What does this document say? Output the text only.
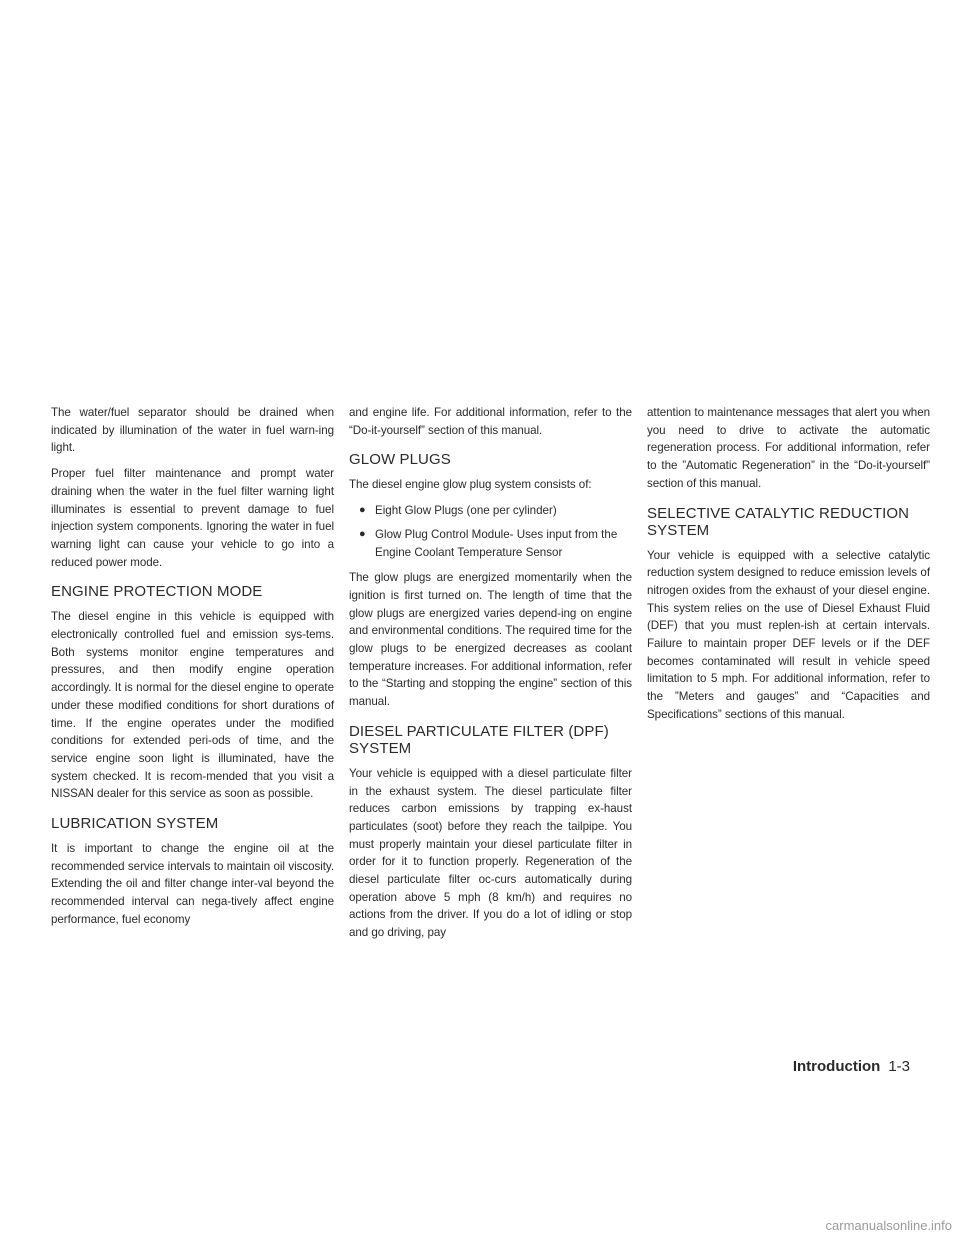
The water/fuel separator should be drained when indicated by illumination of the water in fuel warn-ing light.

Proper fuel filter maintenance and prompt water draining when the water in the fuel filter warning light illuminates is essential to prevent damage to fuel injection system components. Ignoring the water in fuel warning light can cause your vehicle to go into a reduced power mode.

ENGINE PROTECTION MODE

The diesel engine in this vehicle is equipped with electronically controlled fuel and emission sys-tems. Both systems monitor engine temperatures and pressures, and then modify engine operation accordingly. It is normal for the diesel engine to operate under these modified conditions for short durations of time. If the engine operates under the modified conditions for extended peri-ods of time, and the service engine soon light is illuminated, have the system checked. It is recom-mended that you visit a NISSAN dealer for this service as soon as possible.

LUBRICATION SYSTEM

It is important to change the engine oil at the recommended service intervals to maintain oil viscosity. Extending the oil and filter change inter-val beyond the recommended interval can nega-tively affect engine performance, fuel economy

and engine life. For additional information, refer to the “Do-it-yourself” section of this manual.

GLOW PLUGS

The diesel engine glow plug system consists of:

● Eight Glow Plugs (one per cylinder)
● Glow Plug Control Module- Uses input from the Engine Coolant Temperature Sensor

The glow plugs are energized momentarily when the ignition is first turned on. The length of time that the glow plugs are energized varies depend-ing on engine and environmental conditions. The required time for the glow plugs to be energized decreases as coolant temperature increases. For additional information, refer to the “Starting and stopping the engine” section of this manual.

DIESEL PARTICULATE FILTER (DPF) SYSTEM

Your vehicle is equipped with a diesel particulate filter in the exhaust system. The diesel particulate filter reduces carbon emissions by trapping ex-haust particulates (soot) before they reach the tailpipe. You must properly maintain your diesel particulate filter in order for it to function properly. Regeneration of the diesel particulate filter oc-curs automatically during operation above 5 mph (8 km/h) and requires no actions from the driver. If you do a lot of idling or stop and go driving, pay

attention to maintenance messages that alert you when you need to drive to activate the automatic regeneration process. For additional information, refer to the ”Automatic Regeneration” in the “Do-it-yourself” section of this manual.

SELECTIVE CATALYTIC REDUCTION SYSTEM

Your vehicle is equipped with a selective catalytic reduction system designed to reduce emission levels of nitrogen oxides from the exhaust of your diesel engine. This system relies on the use of Diesel Exhaust Fluid (DEF) that you must replen-ish at certain intervals. Failure to maintain proper DEF levels or if the DEF becomes contaminated will result in vehicle speed limitation to 5 mph. For additional information, refer to the ”Meters and gauges” and “Capacities and Specifications” sections of this manual.

Introduction 1-3
carmanualsonline.info
